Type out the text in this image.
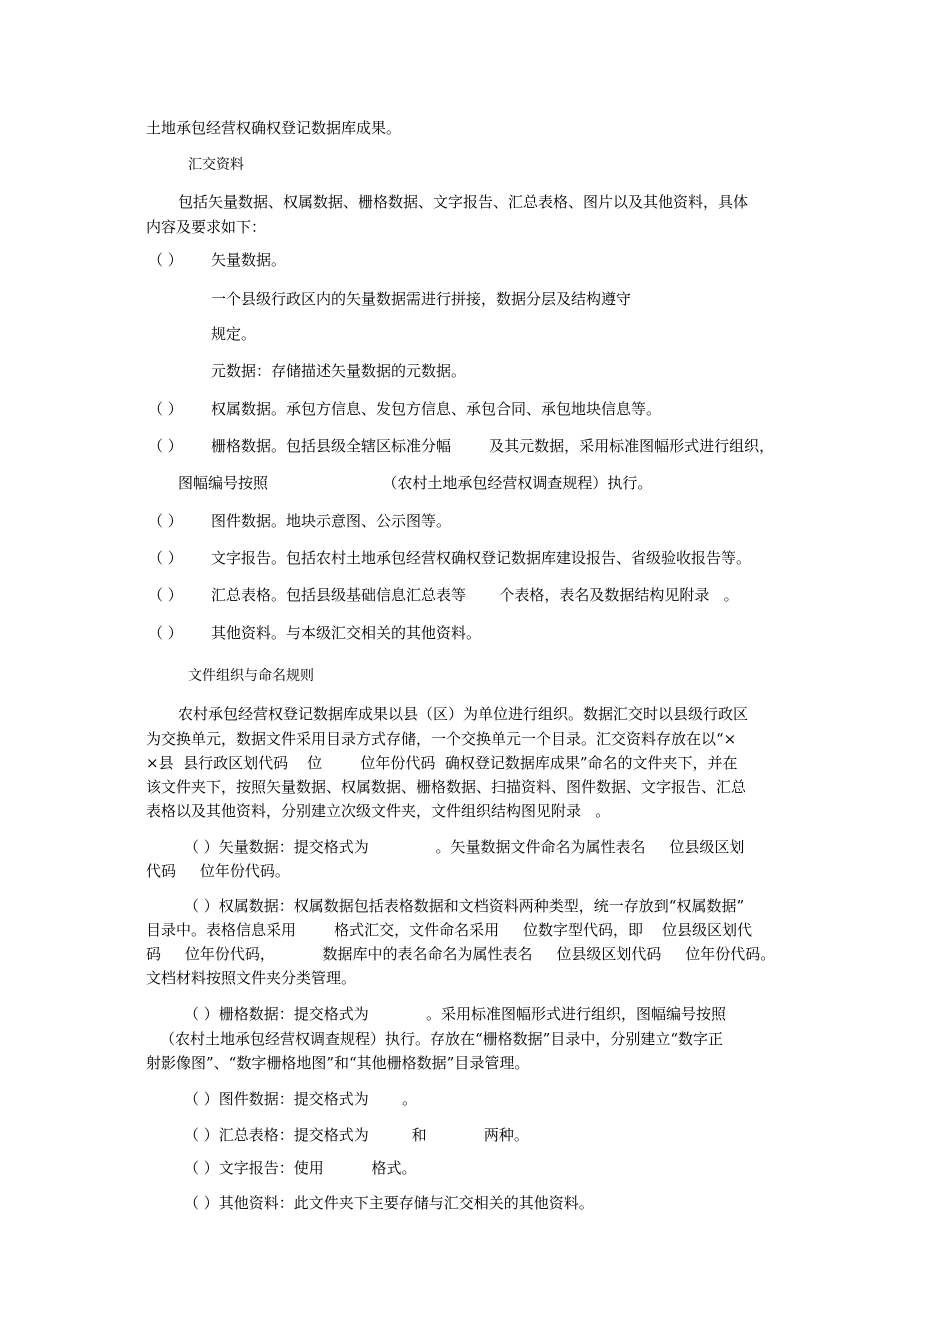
土地承包经营权确权登记数据库成果。
汇交资料
包括矢量数据、权属数据、栅格数据、文字报告、汇总表格、图片以及其他资料，具体
内容及要求如下：
（ ） 矢量数据。
一个县级行政区内的矢量数据需进行拼接，数据分层及结构遵守
规定。
元数据：存储描述矢量数据的元数据。
（ ） 权属数据。承包方信息、发包方信息、承包合同、承包地块信息等。
（ ） 栅格数据。包括县级全辖区标准分幅        及其元数据，采用标准图幅形式进行组织，
图幅编号按照                        （农村土地承包经营权调查规程）执行。
（ ） 图件数据。地块示意图、公示图等。
（ ） 文字报告。包括农村土地承包经营权确权登记数据库建设报告、省级验收报告等。
（ ） 汇总表格。包括县级基础信息汇总表等       个表格，表名及数据结构见附录   。
（ ） 其他资料。与本级汇交相关的其他资料。
文件组织与命名规则
农村承包经营权登记数据库成果以县（区）为单位进行组织。数据汇交时以县级行政区
为交换单元，数据文件采用目录方式存储，一个交换单元一个目录。汇交资料存放在以“×
×县  县行政区划代码    位        位年份代码  确权登记数据库成果”命名的文件夹下，并在
该文件夹下，按照矢量数据、权属数据、栅格数据、扫描资料、图件数据、文字报告、汇总
表格以及其他资料，分别建立次级文件夹，文件组织结构图见附录   。
（ ）矢量数据：提交格式为              。矢量数据文件命名为属性表名     位县级区划
代码     位年份代码。
（ ）权属数据：权属数据包括表格数据和文档资料两种类型，统一存放到“权属数据”
目录中。表格信息采用        格式汇交，文件命名采用     位数字型代码，即    位县级区划代
码     位年份代码，          数据库中的表名命名为属性表名     位县级区划代码     位年份代码。
文档材料按照文件夹分类管理。
（ ）栅格数据：提交格式为            。采用标准图幅形式进行组织，图幅编号按照
（农村土地承包经营权调查规程）执行。存放在“栅格数据”目录中，分别建立“数字正
射影像图”、“数字栅格地图”和“其他栅格数据”目录管理。
（ ）图件数据：提交格式为       。
（ ）汇总表格：提交格式为         和            两种。
（ ）文字报告：使用          格式。
（ ）其他资料：此文件夹下主要存储与汇交相关的其他资料。
